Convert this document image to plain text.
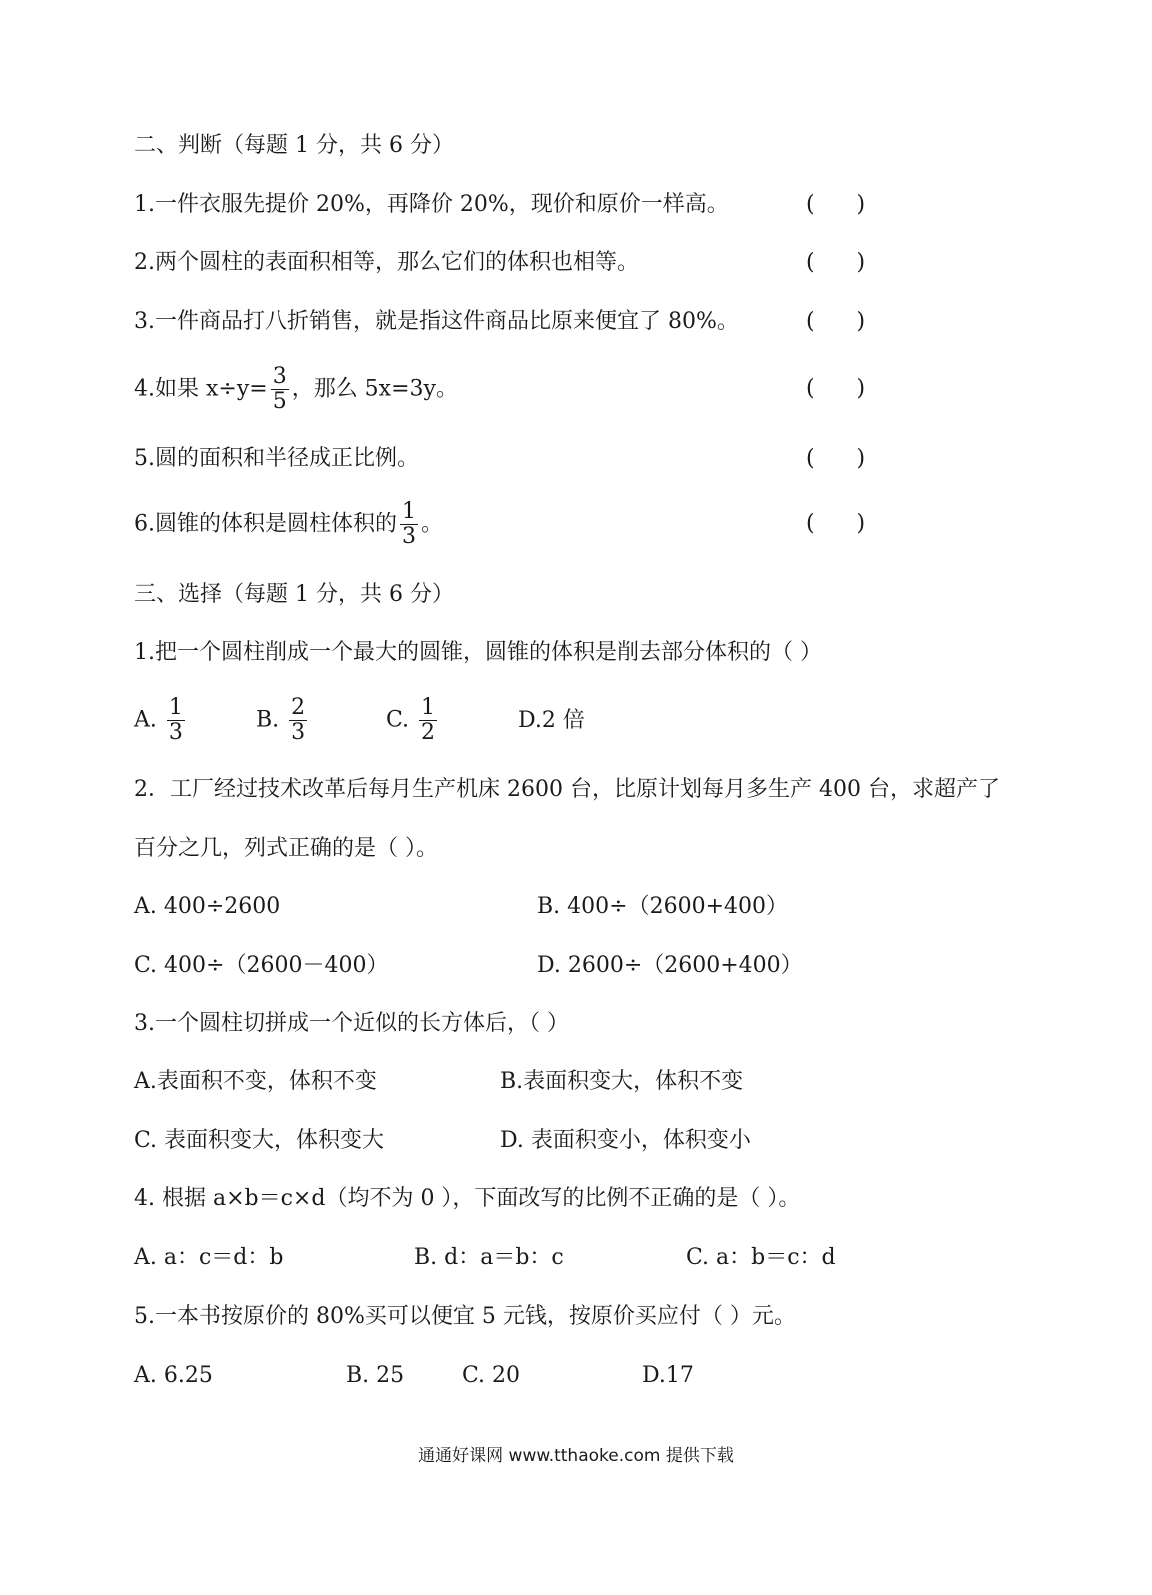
二、判断（每题 1 分，共 6 分）
1.一件衣服先提价 20%，再降价 20%，现价和原价一样高。	(      )
2.两个圆柱的表面积相等，那么它们的体积也相等。	(      )
3.一件商品打八折销售，就是指这件商品比原来便宜了 80%。	(      )
4.如果 $x\div y= \frac{3}{5}$ ，那么 5x=3y。	(      )
5.圆的面积和半径成正比例。	(      )
6.圆锥的体积是圆柱体积的 $\frac{1}{3}$ 。	(      )
三、选择（每题 1 分，共 6 分）
1.把一个圆柱削成一个最大的圆锥，圆锥的体积是削去部分体积的（ ）
A. $\frac{1}{3}$	B. $\frac{2}{3}$	C. $\frac{1}{2}$	D.2 倍
2．工厂经过技术改革后每月生产机床 2600 台，比原计划每月多生产 400 台，求超产了
百分之几，列式正确的是（ ）。
A. 400÷2600	B. 400÷（2600+400）
C. 400÷（2600－400）	D. 2600÷（2600+400）
3.一个圆柱切拼成一个近似的长方体后，（ ）
A.表面积不变，体积不变	B.表面积变大，体积不变
C. 表面积变大，体积变大	D. 表面积变小，体积变小
4. 根据 a×b＝c×d（均不为 0 ），下面改写的比例不正确的是（ ）。
A. a：c＝d：b	B. d：a＝b：c	C. a：b＝c：d
5.一本书按原价的 80%买可以便宜 5 元钱，按原价买应付（ ）元。
A. 6.25	B. 25	C. 20	D.17
通通好课网 www.tthaoke.com 提供下载
